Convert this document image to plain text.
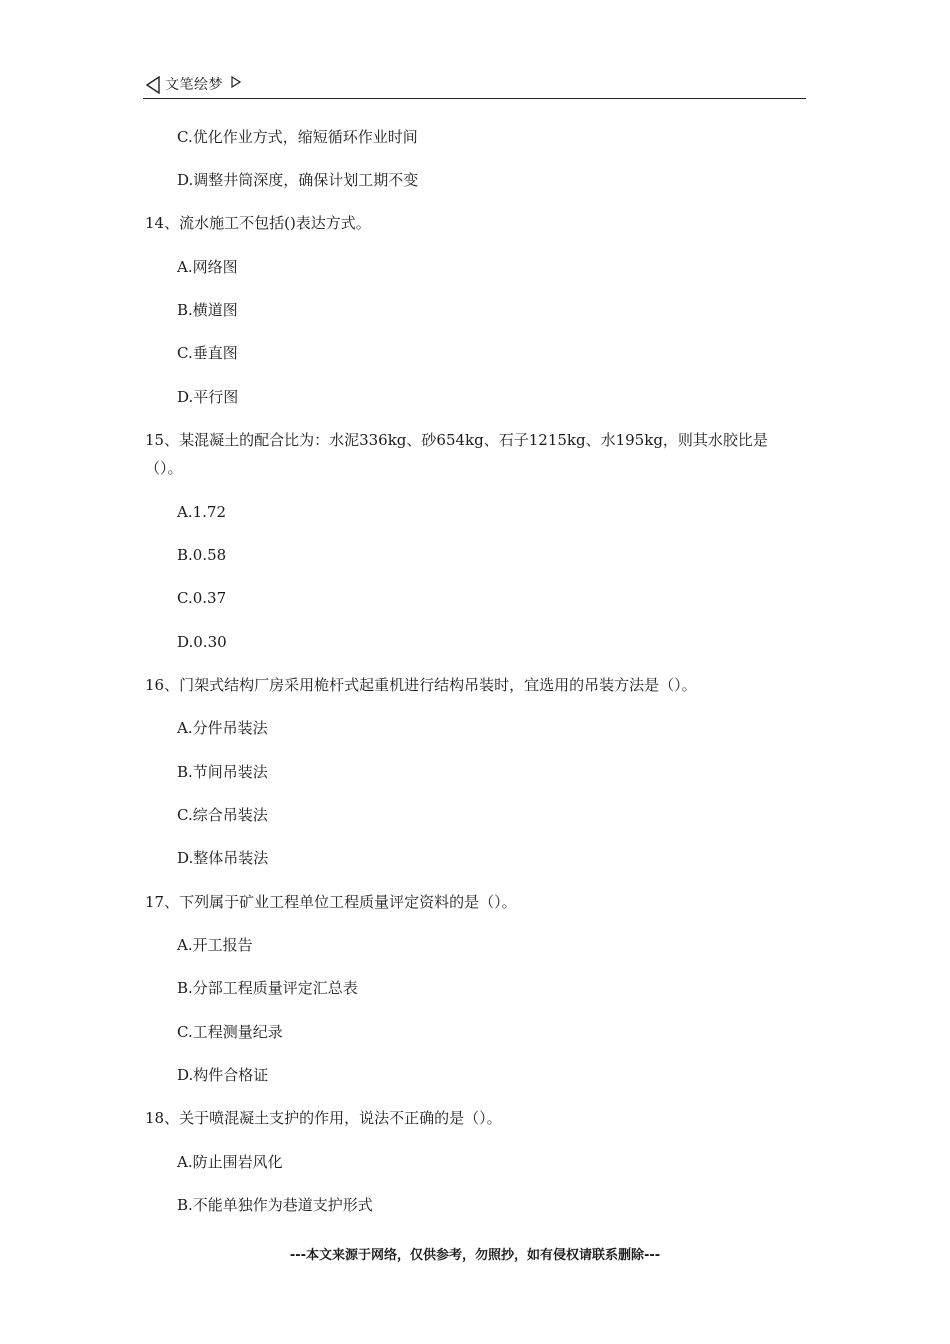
文笔绘梦
C.优化作业方式，缩短循环作业时间
D.调整井筒深度，确保计划工期不变
14、流水施工不包括()表达方式。
A.网络图
B.横道图
C.垂直图
D.平行图
15、某混凝土的配合比为：水泥336kg、砂654kg、石子1215kg、水195kg，则其水胶比是
（）。
A.1.72
B.0.58
C.0.37
D.0.30
16、门架式结构厂房采用桅杆式起重机进行结构吊装时，宜选用的吊装方法是（）。
A.分件吊装法
B.节间吊装法
C.综合吊装法
D.整体吊装法
17、下列属于矿业工程单位工程质量评定资料的是（）。
A.开工报告
B.分部工程质量评定汇总表
C.工程测量纪录
D.构件合格证
18、关于喷混凝土支护的作用，说法不正确的是（）。
A.防止围岩风化
B.不能单独作为巷道支护形式
---本文来源于网络，仅供参考，勿照抄，如有侵权请联系删除---
